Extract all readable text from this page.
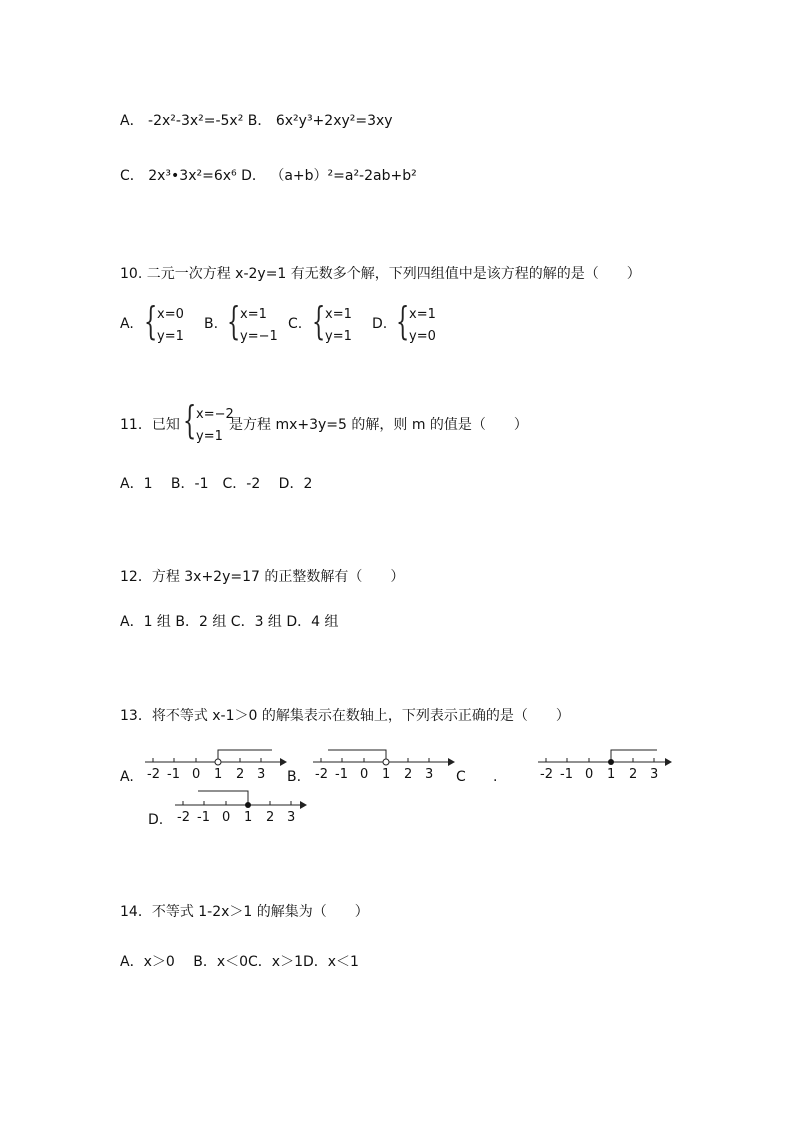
A． -2x²-3x²=-5x² B． 6x²y³+2xy²=3xy
C． 2x³•3x²=6x⁶ D． （a+b）²=a²-2ab+b²
10. 二元一次方程 x-2y=1 有无数多个解，下列四组值中是该方程的解的是（　　）
A. { x=0
y=1
B. { x=1
y=−1
C. { x=1
y=1
D. { x=1
y=0
11．已知 { x=−2
y=1
是方程 mx+3y=5 的解，则 m 的值是（　　）
A．1　 B．-1　C．-2　 D．2
12．方程 3x+2y=17 的正整数解有（　　）
A．1 组 B．2 组 C．3 组 D．4 组
13．将不等式 x-1＞0 的解集表示在数轴上，下列表示正确的是（　　）
A. -2 -1 0 1 2 3 B. -2 -1 0 1 2 3 C .	-2 -1 0 1 2 3
D. -2 -1 0 1 2 3
14．不等式 1-2x＞1 的解集为（　　）
A．x＞0　 B．x＜0C．x＞1D．x＜1
